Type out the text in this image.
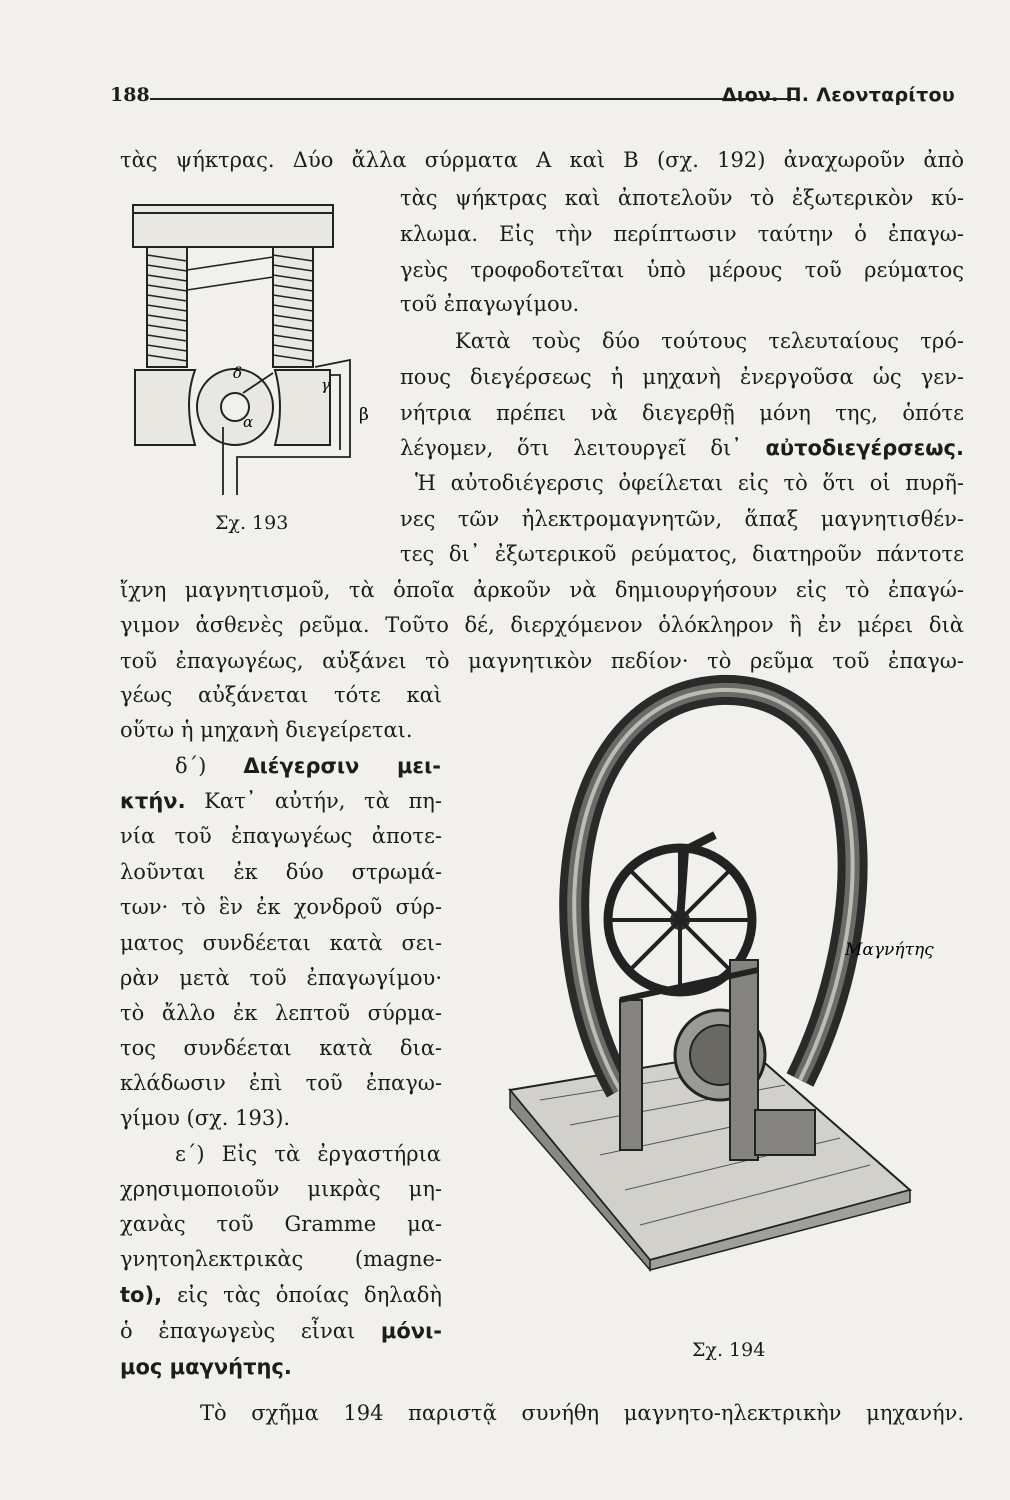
188	Διον. Π. Λεονταρίτου
τὰς ψήκτρας. Δύο ἄλλα σύρματα Α καὶ Β (σχ. 192) ἀναχωροῦν ἀπὸ
τὰς ψήκτρας καὶ ἀποτελοῦν τὸ ἐξωτερικὸν κύ-
κλωμα. Εἰς τὴν περίπτωσιν ταύτην ὁ ἐπαγω-
γεὺς τροφοδοτεῖται ὑπὸ μέρους τοῦ ρεύματος
τοῦ ἐπαγωγίμου.
Κατὰ τοὺς δύο τούτους τελευταίους τρό-
πους διεγέρσεως ἡ μηχανὴ ἐνεργοῦσα ὡς γεν-
νήτρια πρέπει νὰ διεγερθῇ μόνη της, ὁπότε
λέγομεν, ὅτι λειτουργεῖ δι᾽ αὐτοδιεγέρσεως.
Ἡ αὐτοδιέγερσις ὀφείλεται εἰς τὸ ὅτι οἱ πυρῆ-
νες τῶν ἠλεκτρομαγνητῶν, ἅπαξ μαγνητισθέν-
τες δι᾽ ἐξωτερικοῦ ρεύματος, διατηροῦν πάντοτε
ἴχνη μαγνητισμοῦ, τὰ ὁποῖα ἀρκοῦν νὰ δημιουργήσουν εἰς τὸ ἐπαγώ-
γιμον ἀσθενὲς ρεῦμα. Τοῦτο δέ, διερχόμενον ὁλόκληρον ἢ ἐν μέρει διὰ
τοῦ ἐπαγωγέως, αὐξάνει τὸ μαγνητικὸν πεδίον· τὸ ρεῦμα τοῦ ἐπαγω-
γέως αὐξάνεται τότε καὶ
οὕτω ἡ μηχανὴ διεγείρεται.
δ´) Διέγερσιν μει-
κτήν. Κατ᾽ αὐτήν, τὰ πη-
νία τοῦ ἐπαγωγέως ἀποτε-
λοῦνται ἐκ δύο στρωμά-
των· τὸ ἓν ἐκ χονδροῦ σύρ-
ματος συνδέεται κατὰ σει-
ρὰν μετὰ τοῦ ἐπαγωγίμου·
τὸ ἄλλο ἐκ λεπτοῦ σύρμα-
τος συνδέεται κατὰ δια-
κλάδωσιν ἐπὶ τοῦ ἐπαγω-
γίμου (σχ. 193).
ε´) Εἰς τὰ ἐργαστήρια
χρησιμοποιοῦν μικρὰς μη-
χανὰς τοῦ Gramme μα-
γνητοηλεκτρικὰς (magne-
to), εἰς τὰς ὁποίας δηλαδὴ
ὁ ἐπαγωγεὺς εἶναι μόνι-
μος μαγνήτης.
Τὸ σχῆμα 194 παριστᾷ συνήθη μαγνητο-ηλεκτρικὴν μηχανήν.
δ
γ
α	β
Σχ. 193
Μαγνήτης
Σχ. 194
